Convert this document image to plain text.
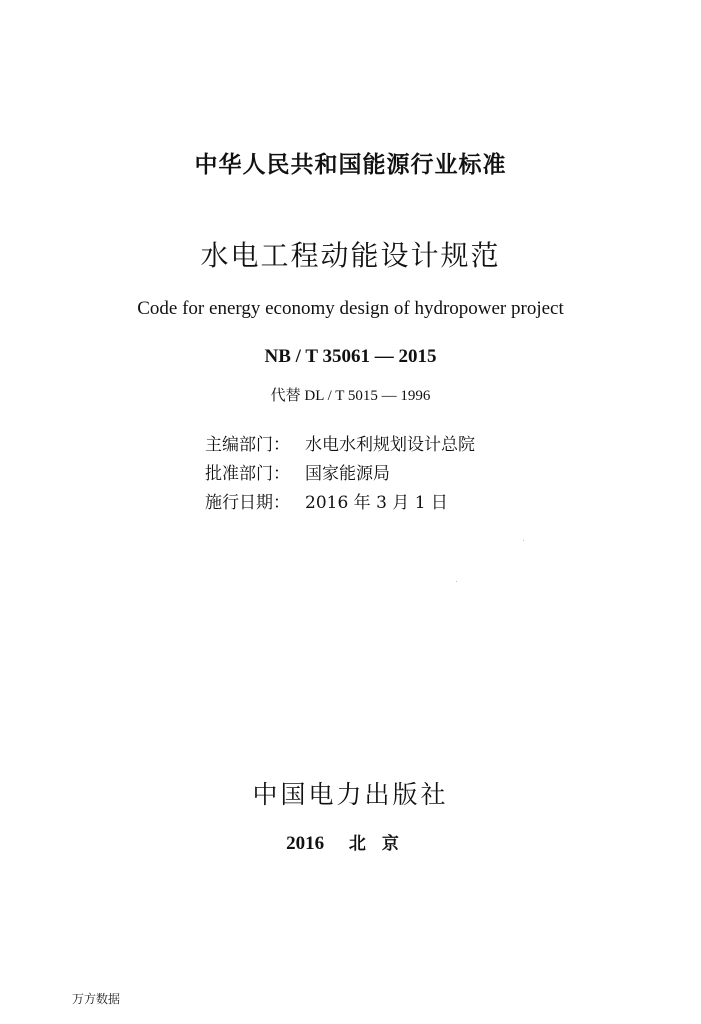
中华人民共和国能源行业标准
水电工程动能设计规范
Code for energy economy design of hydropower project
NB / T 35061 — 2015
代替 DL / T 5015 — 1996
主编部门： 水电水利规划设计总院
批准部门： 国家能源局
施行日期： 2016 年 3 月 1 日
中国电力出版社
2016 北京
万方数据
